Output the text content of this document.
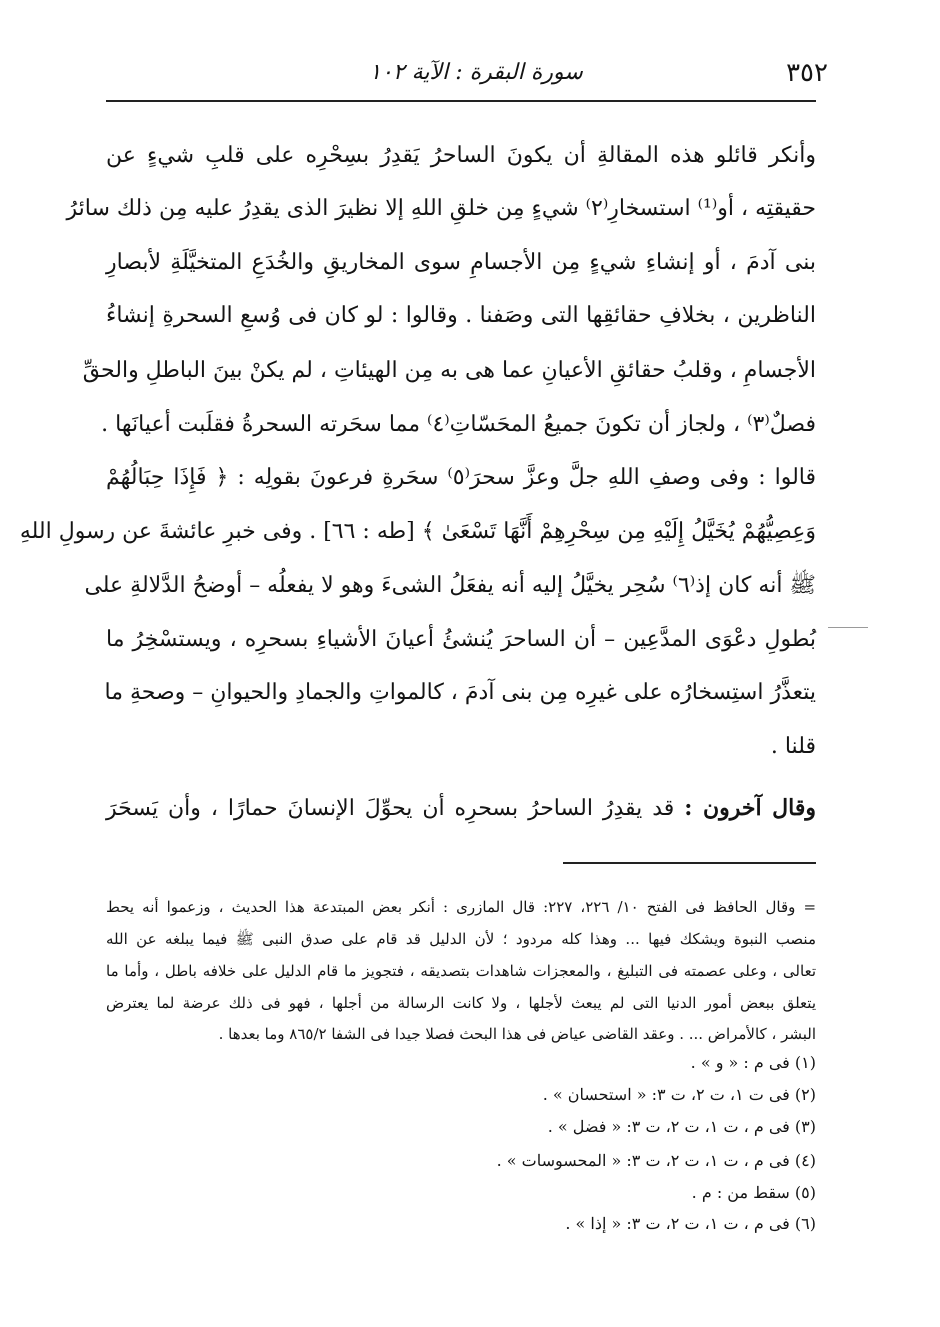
٣٥٢
سورة البقرة : الآية ١٠٢
وأنكر قائلو هذه المقالةِ أن يكونَ الساحرُ يَقدِرُ بسِحْرِه على قلبِ شيءٍ عن
حقيقتِه ، أو⁽¹⁾ استسخارِ⁽٢⁾ شيءٍ مِن خلقِ اللهِ إلا نظيرَ الذى يقدِرُ عليه مِن ذلك سائرُ
بنى آدمَ ، أو إنشاءِ شيءٍ مِن الأجسامِ سوى المخاريقِ والخُدَعِ المتخيَّلَةِ لأبصارِ
الناظرين ، بخلافِ حقائقِها التى وصَفنا . وقالوا : لو كان فى وُسعِ السحرةِ إنشاءُ
الأجسامِ ، وقلبُ حقائقِ الأعيانِ عما هى به مِن الهيئاتِ ، لم يكنْ بينَ الباطلِ والحقِّ
فصلٌ⁽٣⁾ ، ولجاز أن تكونَ جميعُ المحَسّاتِ⁽٤⁾ مما سحَرته السحرةُ فقلَبت أعيانَها .
قالوا : وفى وصفِ اللهِ جلَّ وعزَّ سحرَ⁽٥⁾ سحَرةِ فرعونَ بقولِه : ﴿ فَإِذَا حِبَالُهُمْ
وَعِصِيُّهُمْ يُخَيَّلُ إِلَيْهِ مِن سِحْرِهِمْ أَنَّهَا تَسْعَىٰ ﴾ [طه : ٦٦] . وفى خبرِ عائشةَ عن رسولِ اللهِ
ﷺ أنه كان إذ⁽٦⁾ سُحِر يخيَّلُ إليه أنه يفعَلُ الشىءَ وهو لا يفعلُه – أوضحُ الدَّلالةِ على
بُطولِ دعْوَى المدَّعِين – أن الساحرَ يُنشئُ أعيانَ الأشياءِ بسحرِه ، ويستسْخِرُ ما
يتعذَّرُ استِسخارُه على غيرِه مِن بنى آدمَ ، كالمواتِ والجمادِ والحيوانِ – وصحةِ ما
قلنا .
وقال آخرون : قد يقدِرُ الساحرُ بسحرِه أن يحوِّلَ الإنسانَ حمارًا ، وأن يَسحَرَ
= وقال الحافظ فى الفتح ١٠/ ٢٢٦، ٢٢٧: قال المازرى : أنكر بعض المبتدعة هذا الحديث ، وزعموا أنه يحط
منصب النبوة ويشكك فيها ... وهذا كله مردود ؛ لأن الدليل قد قام على صدق النبى ﷺ فيما يبلغه عن الله
تعالى ، وعلى عصمته فى التبليغ ، والمعجزات شاهدات بتصديقه ، فتجويز ما قام الدليل على خلافه باطل ، وأما ما
يتعلق ببعض أمور الدنيا التى لم يبعث لأجلها ، ولا كانت الرسالة من أجلها ، فهو فى ذلك عرضة لما يعترض
البشر ، كالأمراض ... . وعقد القاضى عياض فى هذا البحث فصلا جيدا فى الشفا ٨٦٥/٢ وما بعدها .
(١) فى م : « و » .
(٢) فى ت ١، ت ٢، ت ٣: « استحسان » .
(٣) فى م ، ت ١، ت ٢، ت ٣: « فضل » .
(٤) فى م ، ت ١، ت ٢، ت ٣: « المحسوسات » .
(٥) سقط من : م .
(٦) فى م ، ت ١، ت ٢، ت ٣: « إذا » .
